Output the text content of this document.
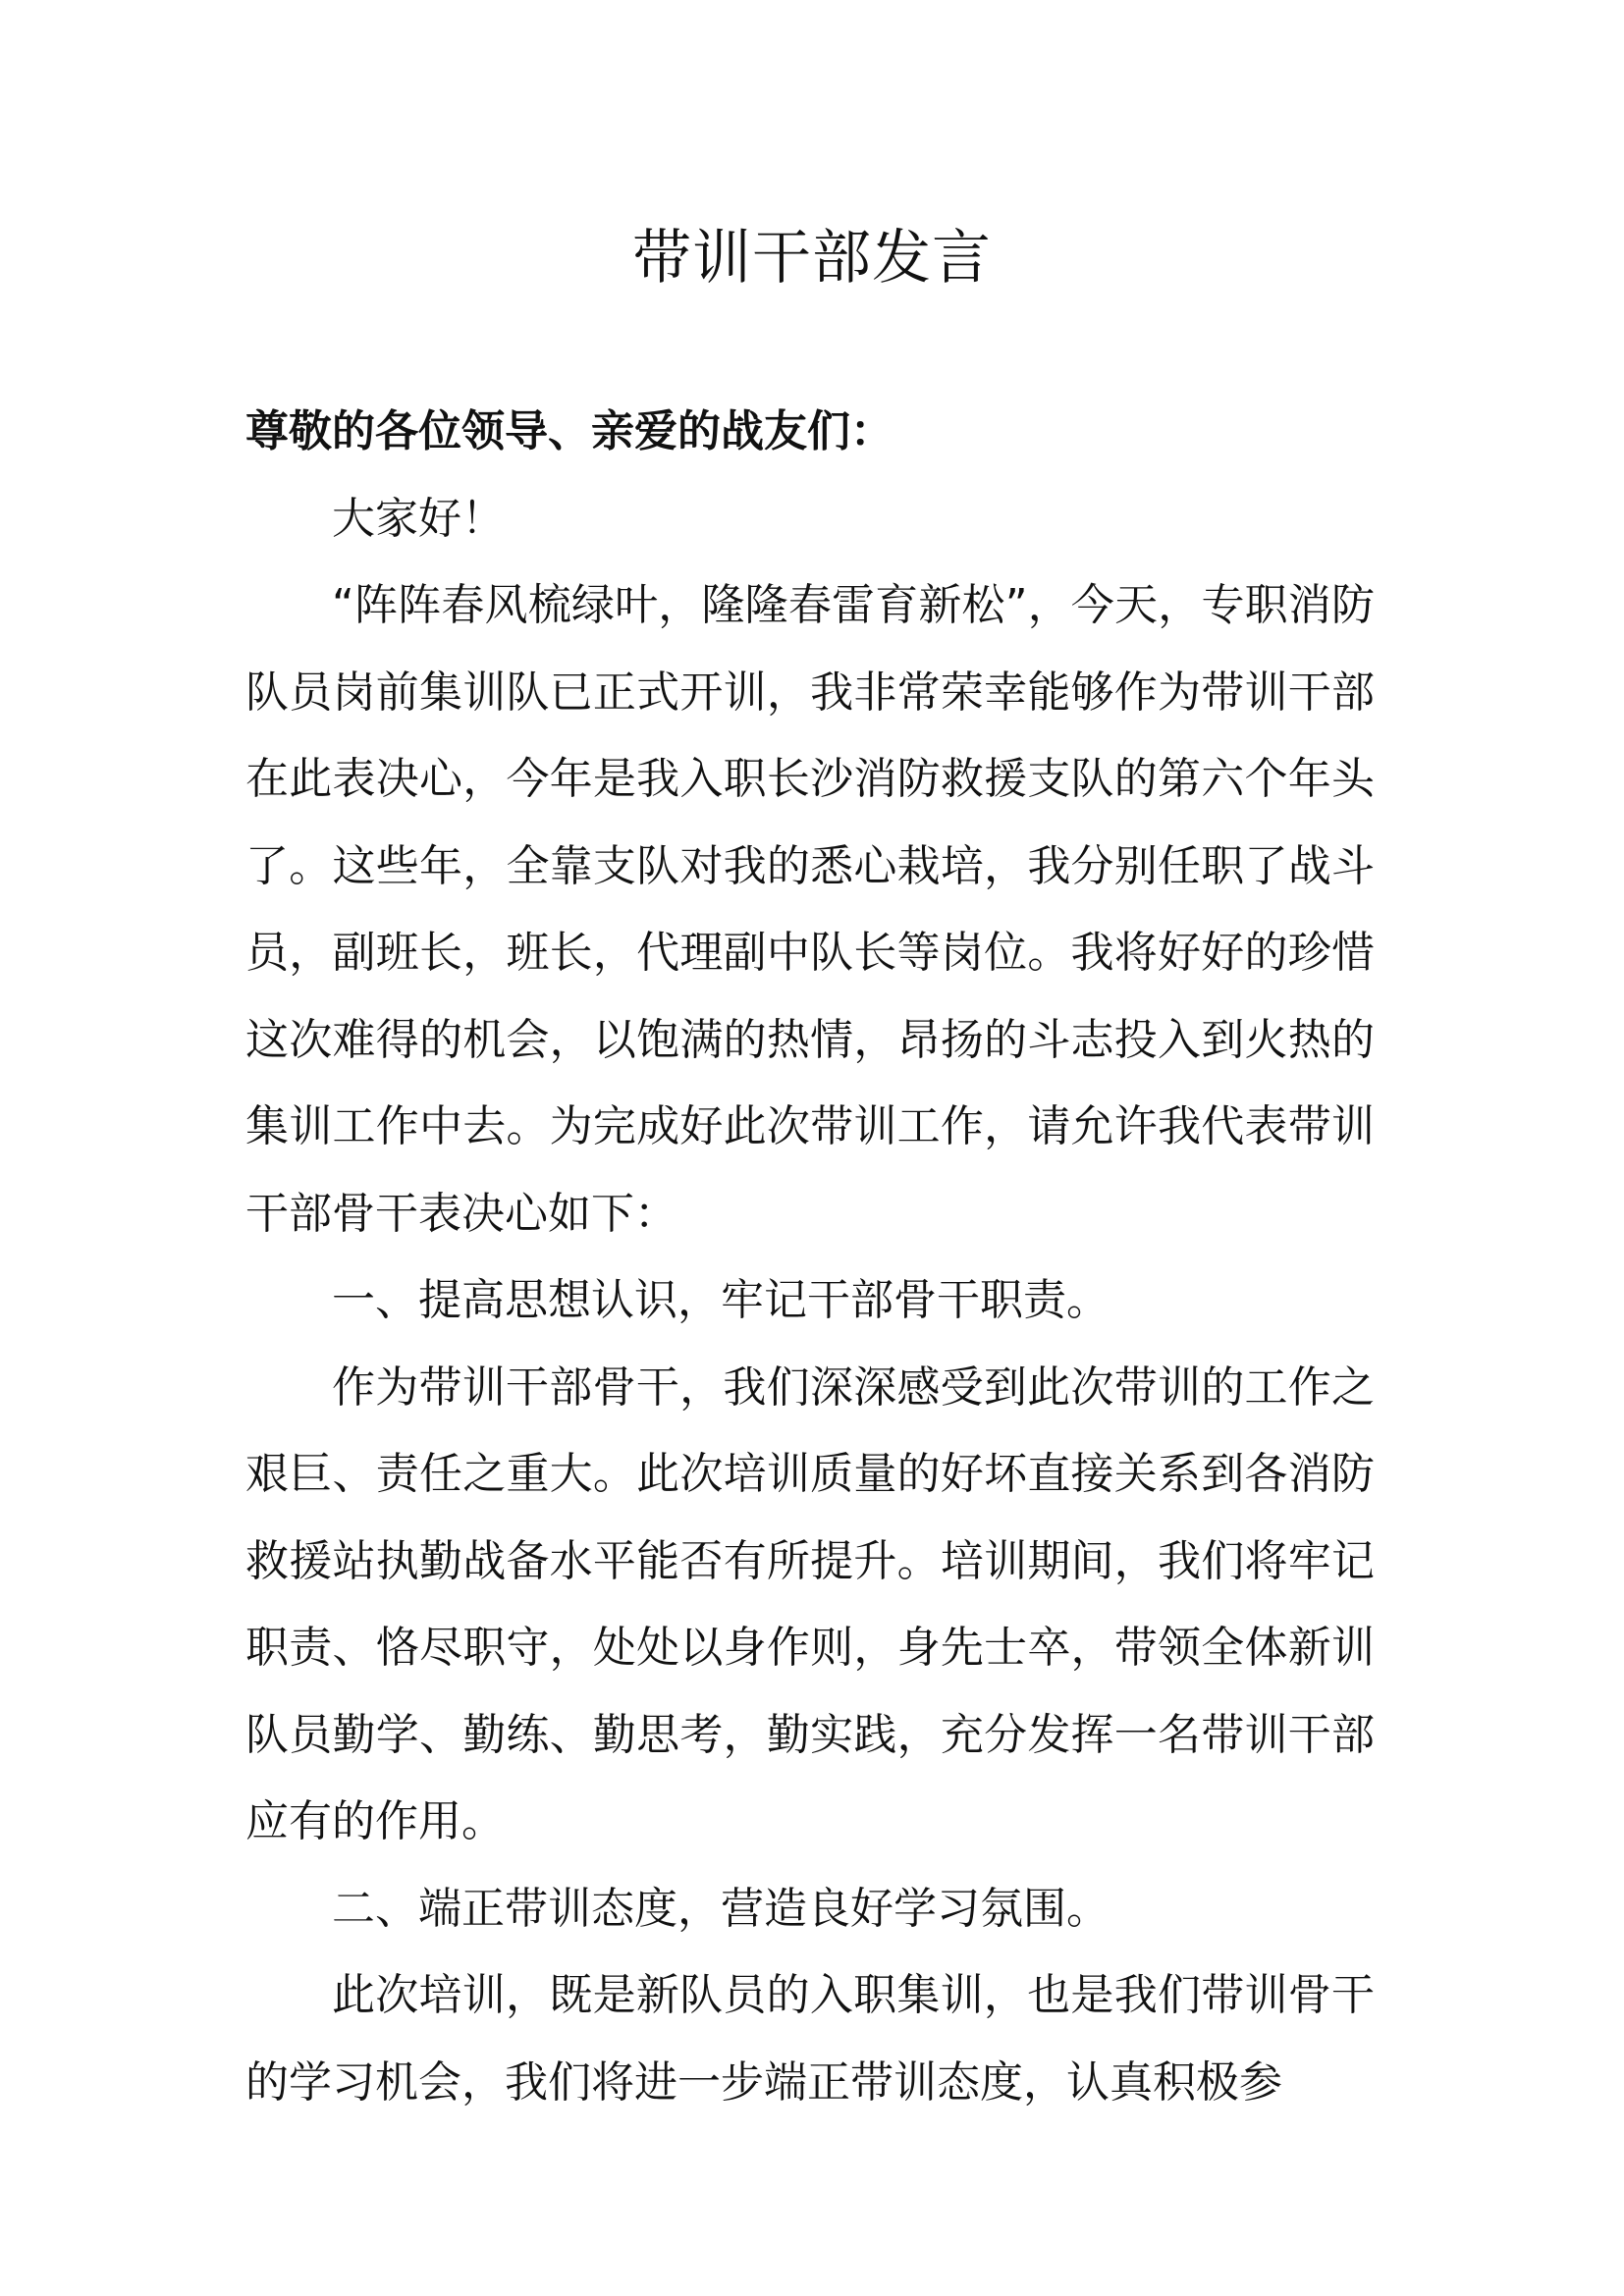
带训干部发言

尊敬的各位领导、亲爱的战友们：

大家好！

“阵阵春风梳绿叶，隆隆春雷育新松”，今天，专职消防队员岗前集训队已正式开训，我非常荣幸能够作为带训干部在此表决心，今年是我入职长沙消防救援支队的第六个年头了。这些年，全靠支队对我的悉心栽培，我分别任职了战斗员，副班长，班长，代理副中队长等岗位。我将好好的珍惜这次难得的机会，以饱满的热情，昂扬的斗志投入到火热的集训工作中去。为完成好此次带训工作，请允许我代表带训干部骨干表决心如下：

一、提高思想认识，牢记干部骨干职责。

作为带训干部骨干，我们深深感受到此次带训的工作之艰巨、责任之重大。此次培训质量的好坏直接关系到各消防救援站执勤战备水平能否有所提升。培训期间，我们将牢记职责、恪尽职守，处处以身作则，身先士卒，带领全体新训队员勤学、勤练、勤思考，勤实践，充分发挥一名带训干部应有的作用。

二、端正带训态度，营造良好学习氛围。

此次培训，既是新队员的入职集训，也是我们带训骨干的学习机会，我们将进一步端正带训态度，认真积极参
